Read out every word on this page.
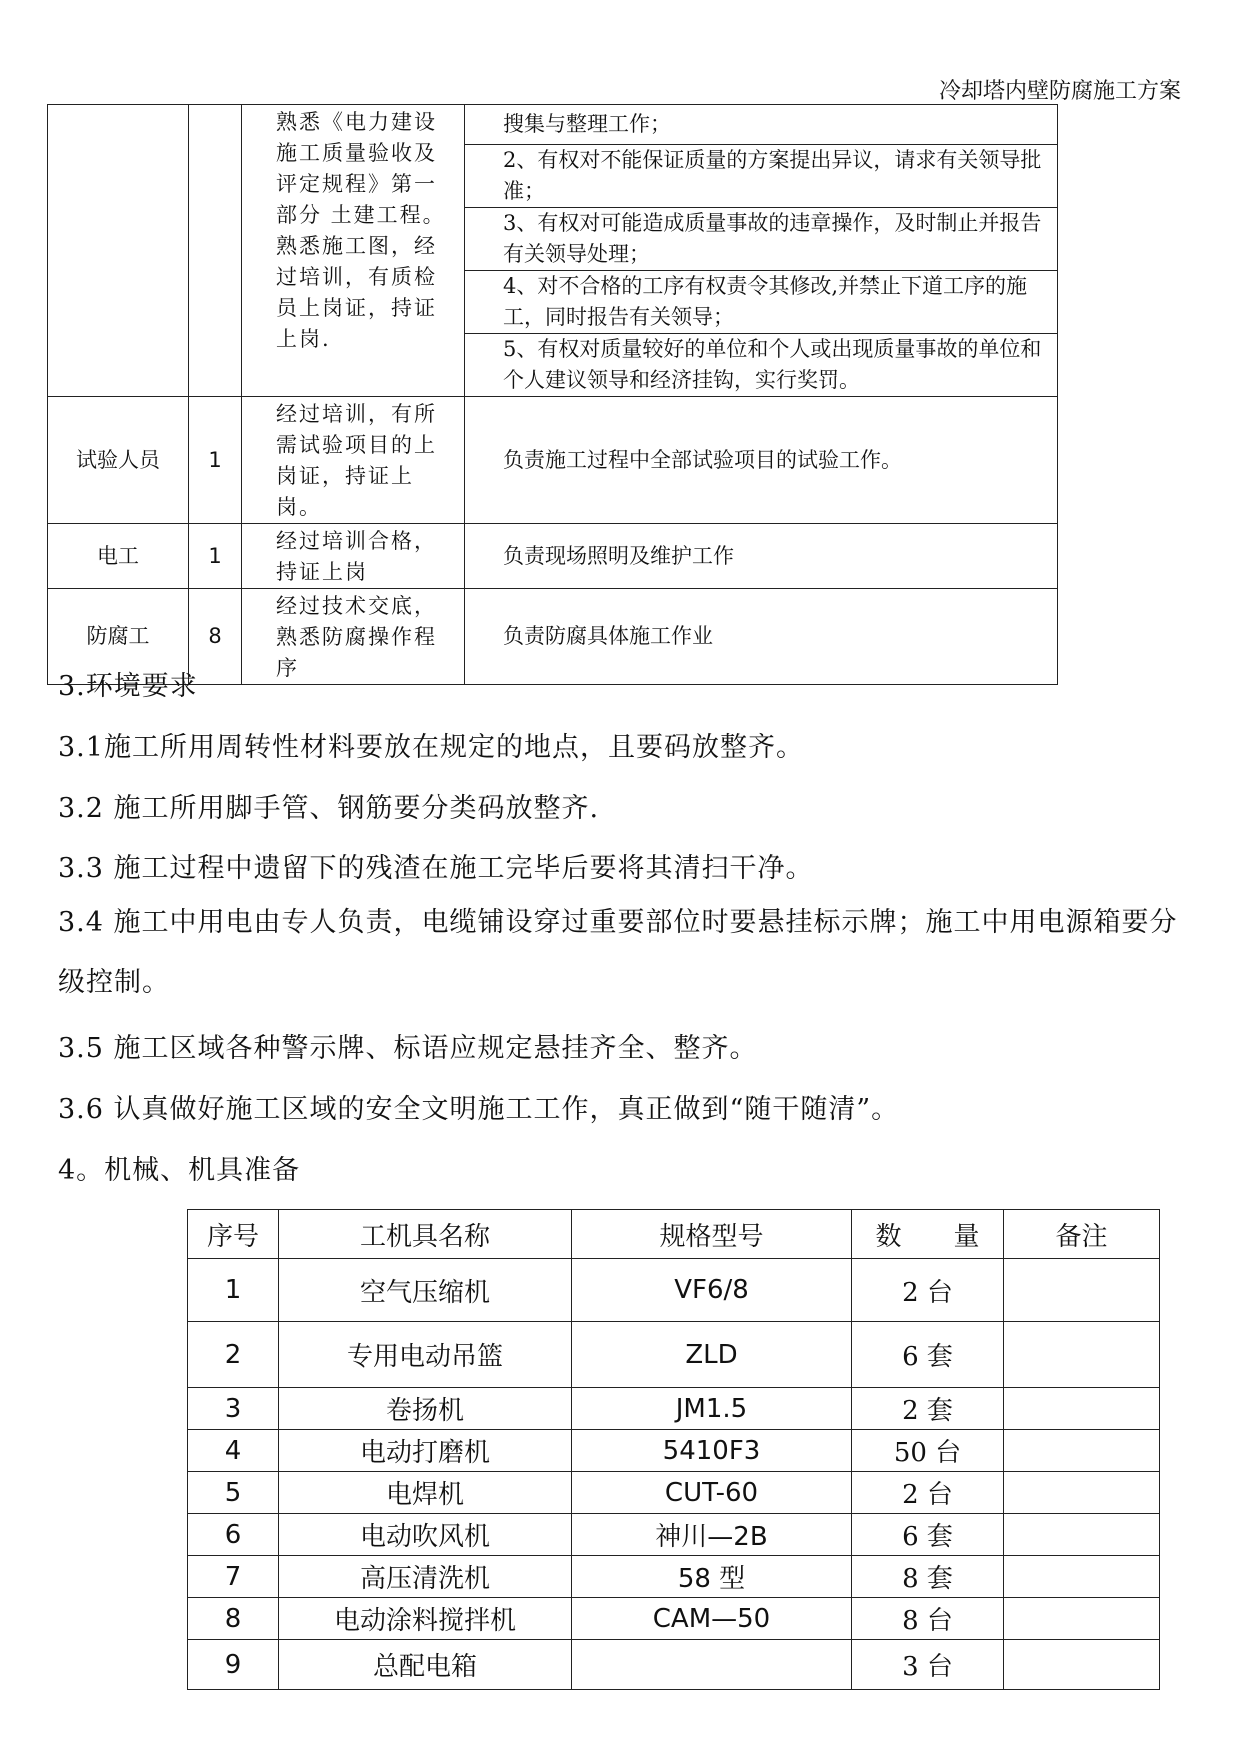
冷却塔内壁防腐施工方案
		熟悉《电力建设施工质量验收及评定规程》第一部分 土建工程。熟悉施工图，经过培训，有质检员上岗证，持证上岗.	搜集与整理工作；
			2、有权对不能保证质量的方案提出异议，请求有关领导批准；
			3、有权对可能造成质量事故的违章操作，及时制止并报告有关领导处理；
			4、对不合格的工序有权责令其修改,并禁止下道工序的施工，同时报告有关领导；
			5、有权对质量较好的单位和个人或出现质量事故的单位和个人建议领导和经济挂钩，实行奖罚。
试验人员	1	经过培训，有所需试验项目的上岗证，持证上岗。	负责施工过程中全部试验项目的试验工作。
电工	1	经过培训合格，持证上岗	负责现场照明及维护工作
防腐工	8	经过技术交底，熟悉防腐操作程序	负责防腐具体施工作业
3.环境要求
3.1施工所用周转性材料要放在规定的地点，且要码放整齐。
3.2 施工所用脚手管、钢筋要分类码放整齐.
3.3 施工过程中遗留下的残渣在施工完毕后要将其清扫干净。
3.4 施工中用电由专人负责，电缆铺设穿过重要部位时要悬挂标示牌；施工中用电源箱要分级控制。
3.5 施工区域各种警示牌、标语应规定悬挂齐全、整齐。
3.6 认真做好施工区域的安全文明施工工作，真正做到“随干随清”。
4。机械、机具准备
序号	工机具名称	规格型号	数　　量	备注
1	空气压缩机	VF6/8	2 台	
2	专用电动吊篮	ZLD	6 套	
3	卷扬机	JM1.5	2 套	
4	电动打磨机	5410F3	50 台	
5	电焊机	CUT-60	2 台	
6	电动吹风机	神川—2B	6 套	
7	高压清洗机	58 型	8 套	
8	电动涂料搅拌机	CAM—50	8 台	
9	总配电箱		3 台	
